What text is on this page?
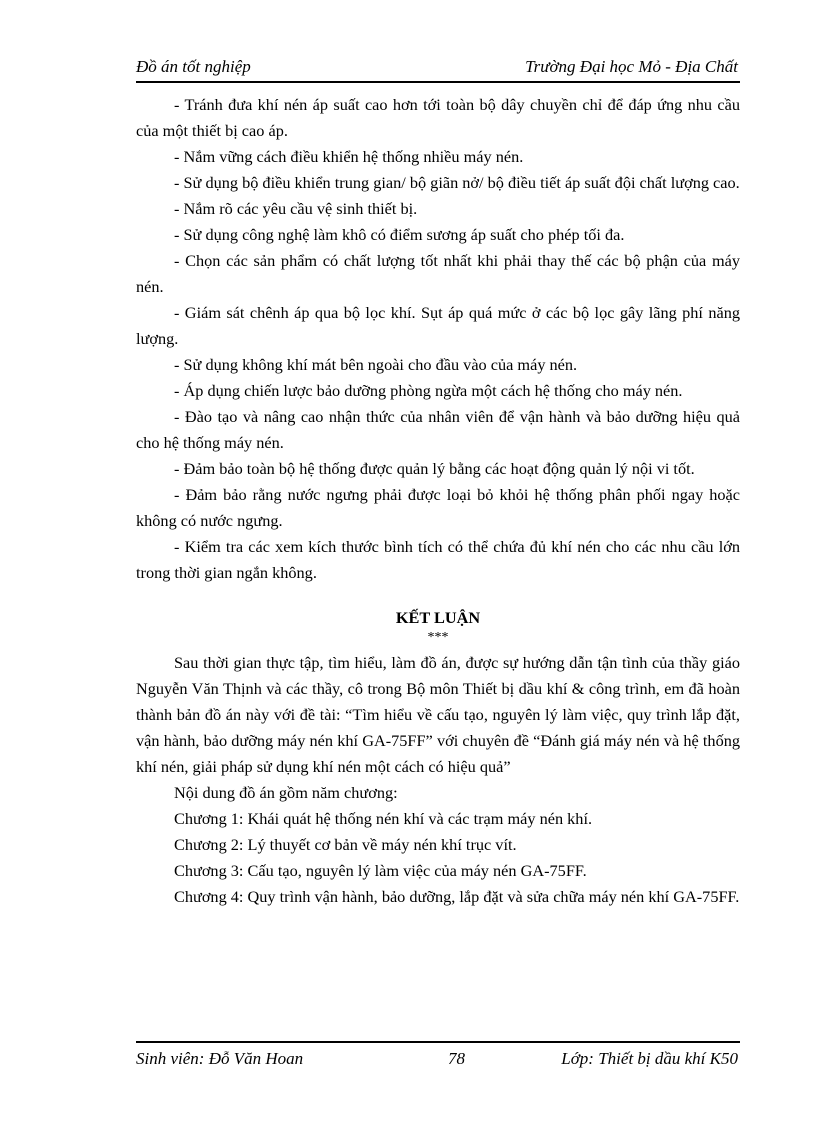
Đồ án tốt nghiệp	Trường Đại học Mỏ - Địa Chất

- Tránh đưa khí nén áp suất cao hơn tới toàn bộ dây chuyền chỉ để đáp ứng nhu cầu của một thiết bị cao áp.

- Nắm vững cách điều khiển hệ thống nhiều máy nén.

- Sử dụng bộ điều khiển trung gian/ bộ giãn nở/ bộ điều tiết áp suất đội chất lượng cao.

- Nắm rõ các yêu cầu vệ sinh thiết bị.

- Sử dụng công nghệ làm khô có điểm sương áp suất cho phép tối đa.

- Chọn các sản phẩm có chất lượng tốt nhất khi phải thay thế các bộ phận của máy nén.

- Giám sát chênh áp qua bộ lọc khí. Sụt áp quá mức ở các bộ lọc gây lãng phí năng lượng.

- Sử dụng không khí mát bên ngoài cho đầu vào của máy nén.

- Áp dụng chiến lược bảo dưỡng phòng ngừa một cách hệ thống cho máy nén.

- Đào tạo và nâng cao nhận thức của nhân viên để vận hành và bảo dưỡng hiệu quả cho hệ thống máy nén.

- Đảm bảo toàn bộ hệ thống được quản lý bằng các hoạt động quản lý nội vi tốt.

- Đảm bảo rằng nước ngưng phải được loại bỏ khỏi hệ thống phân phối ngay hoặc không có nước ngưng.

- Kiểm tra các xem kích thước bình tích có thể chứa đủ khí nén cho các nhu cầu lớn trong thời gian ngắn không.

KẾT LUẬN

***

Sau thời gian thực tập, tìm hiểu, làm đồ án, được sự hướng dẫn tận tình của thầy giáo Nguyễn Văn Thịnh và các thầy, cô trong Bộ môn Thiết bị dầu khí & công trình, em đã hoàn thành bản đồ án này với đề tài: “Tìm hiểu về cấu tạo, nguyên lý làm việc, quy trình lắp đặt, vận hành, bảo dưỡng máy nén khí GA-75FF” với chuyên đề “Đánh giá máy nén và hệ thống khí nén, giải pháp sử dụng khí nén một cách có hiệu quả”

Nội dung đồ án gồm năm chương:

Chương 1: Khái quát hệ thống nén khí và các trạm máy nén khí.

Chương 2: Lý thuyết cơ bản về máy nén khí trục vít.

Chương 3: Cấu tạo, nguyên lý làm việc của máy nén GA-75FF.

Chương 4: Quy trình vận hành, bảo dưỡng, lắp đặt và sửa chữa máy nén khí GA-75FF.

Sinh viên: Đỗ Văn Hoan	78	Lớp: Thiết bị dầu khí K50
